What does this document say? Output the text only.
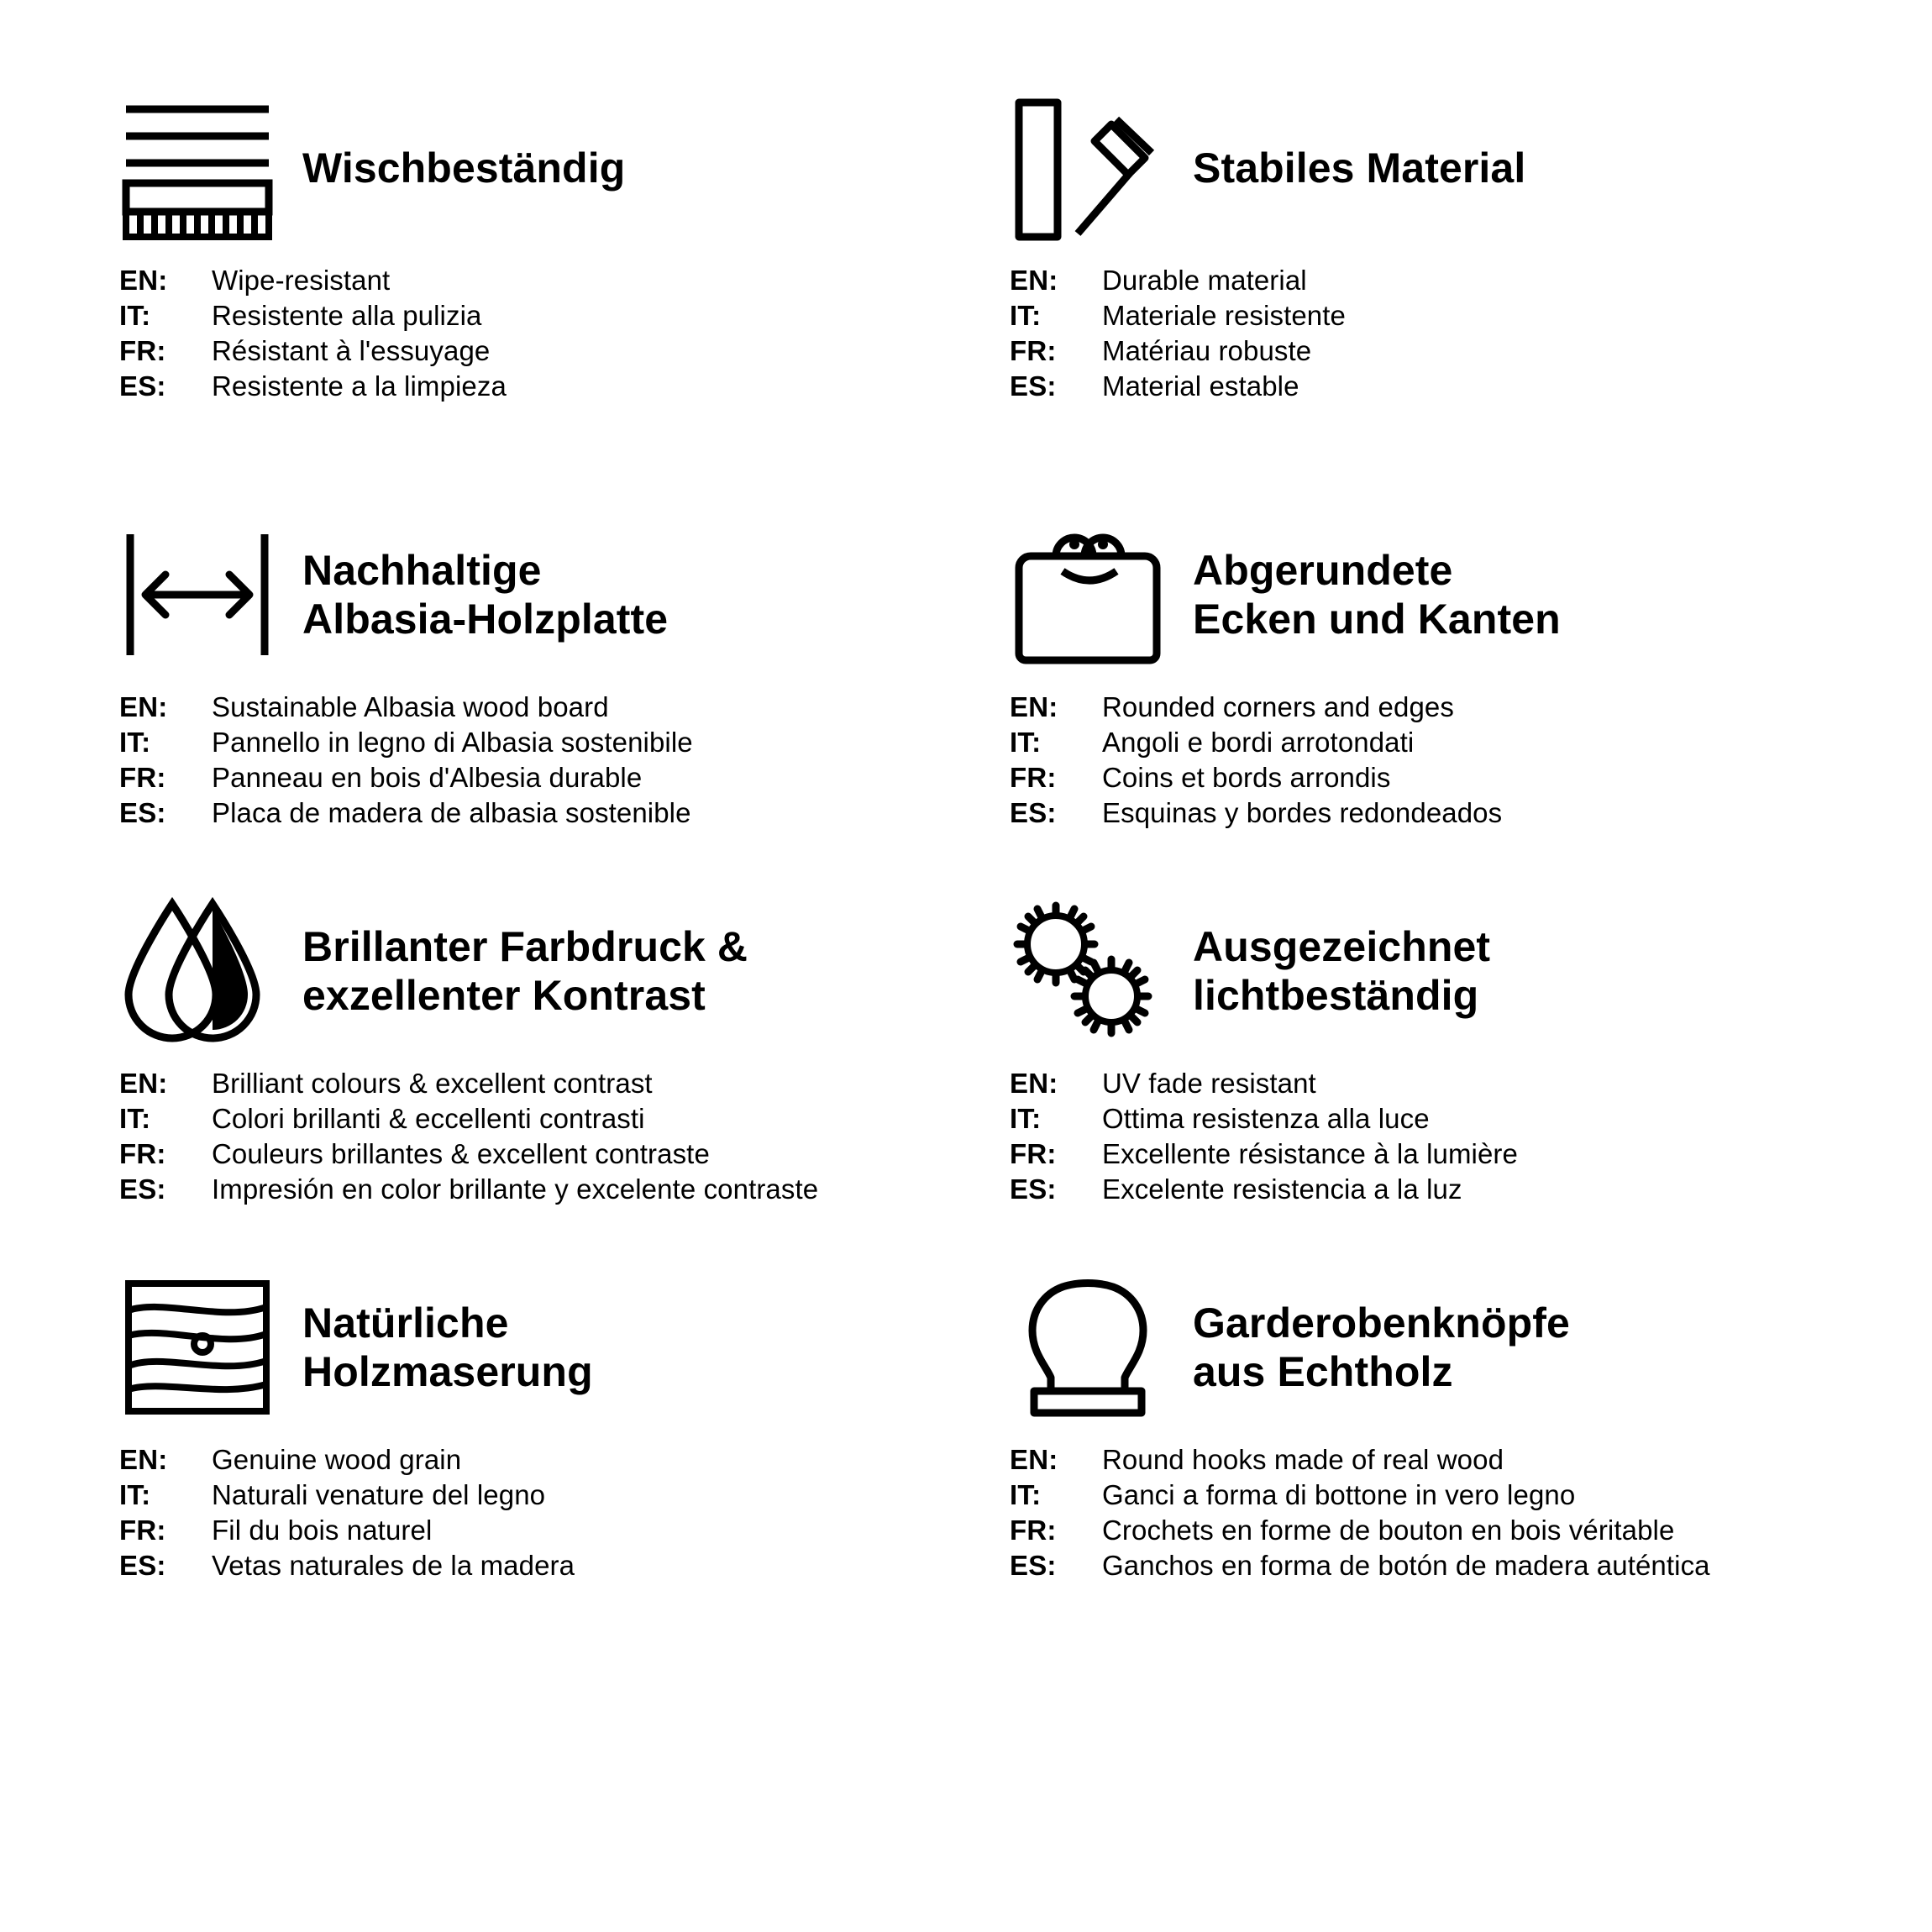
Wischbeständig
EN:	Wipe-resistant
IT:	Resistente alla pulizia
FR:	Résistant à l'essuyage
ES:	Resistente a la limpieza
Stabiles Material
EN:	Durable material
IT:	Materiale resistente
FR:	Matériau robuste
ES:	Material estable
Nachhaltige
Albasia-Holzplatte
EN:	Sustainable Albasia wood board
IT:	Pannello in legno di Albasia sostenibile
FR:	Panneau en bois d'Albesia durable
ES:	Placa de madera de albasia sostenible
Abgerundete
Ecken und Kanten
EN:	Rounded corners and edges
IT:	Angoli e bordi arrotondati
FR:	Coins et bords arrondis
ES:	Esquinas y bordes redondeados
Brillanter Farbdruck &
exzellenter Kontrast
EN:	Brilliant colours & excellent contrast
IT:	Colori brillanti & eccellenti contrasti
FR:	Couleurs brillantes & excellent contraste
ES:	Impresión en color brillante y excelente contraste
Ausgezeichnet
lichtbeständig
EN:	UV fade resistant
IT:	Ottima resistenza alla luce
FR:	Excellente résistance à la lumière
ES:	Excelente resistencia a la luz
Natürliche
Holzmaserung
EN:	Genuine wood grain
IT:	Naturali venature del legno
FR:	Fil du bois naturel
ES:	Vetas naturales de la madera
Garderobenknöpfe
aus Echtholz
EN:	Round hooks made of real wood
IT:	Ganci a forma di bottone in vero legno
FR:	Crochets en forme de bouton en bois véritable
ES:	Ganchos en forma de botón de madera auténtica
